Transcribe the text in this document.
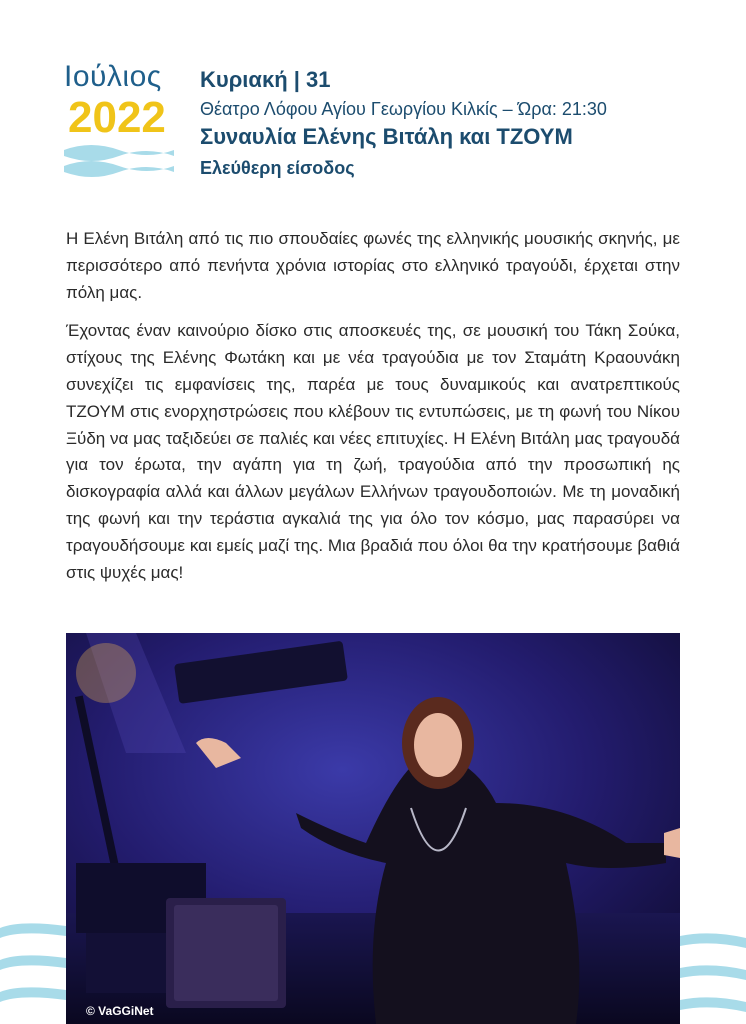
Ιούλιος
2022
Κυριακή | 31
Θέατρο Λόφου Αγίου Γεωργίου Κιλκίς – Ώρα: 21:30
Συναυλία Ελένης Βιτάλη και ΤΖΟΥΜ
Ελεύθερη είσοδος

Η Ελένη Βιτάλη από τις πιο σπουδαίες φωνές της ελληνικής μουσικής σκηνής, με περισσότερο από πενήντα χρόνια ιστορίας στο ελληνικό τραγούδι, έρχεται στην πόλη μας.

Έχοντας έναν καινούριο δίσκο στις αποσκευές της, σε μουσική του Τάκη Σούκα, στίχους της Ελένης Φωτάκη και με νέα τραγούδια με τον Σταμάτη Κραουνάκη συνεχίζει τις εμφανίσεις της, παρέα με τους δυναμικούς και ανατρεπτικούς ΤΖΟΥΜ στις ενορχηστρώσεις που κλέβουν τις εντυπώσεις, με τη φωνή του Νίκου Ξύδη να μας ταξιδεύει σε παλιές και νέες επιτυχίες. Η Ελένη Βιτάλη μας τραγουδά για τον έρωτα, την αγάπη για τη ζωή, τραγούδια από την προσωπική ης δισκογραφία αλλά και άλλων μεγάλων Ελλήνων τραγουδοποιών. Με τη μοναδική της φωνή και την τεράστια αγκαλιά της για όλο τον κόσμο, μας παρασύρει να τραγουδήσουμε και εμείς μαζί της. Μια βραδιά που όλοι θα την κρατήσουμε βαθιά στις ψυχές μας!

© VaGGiNet
